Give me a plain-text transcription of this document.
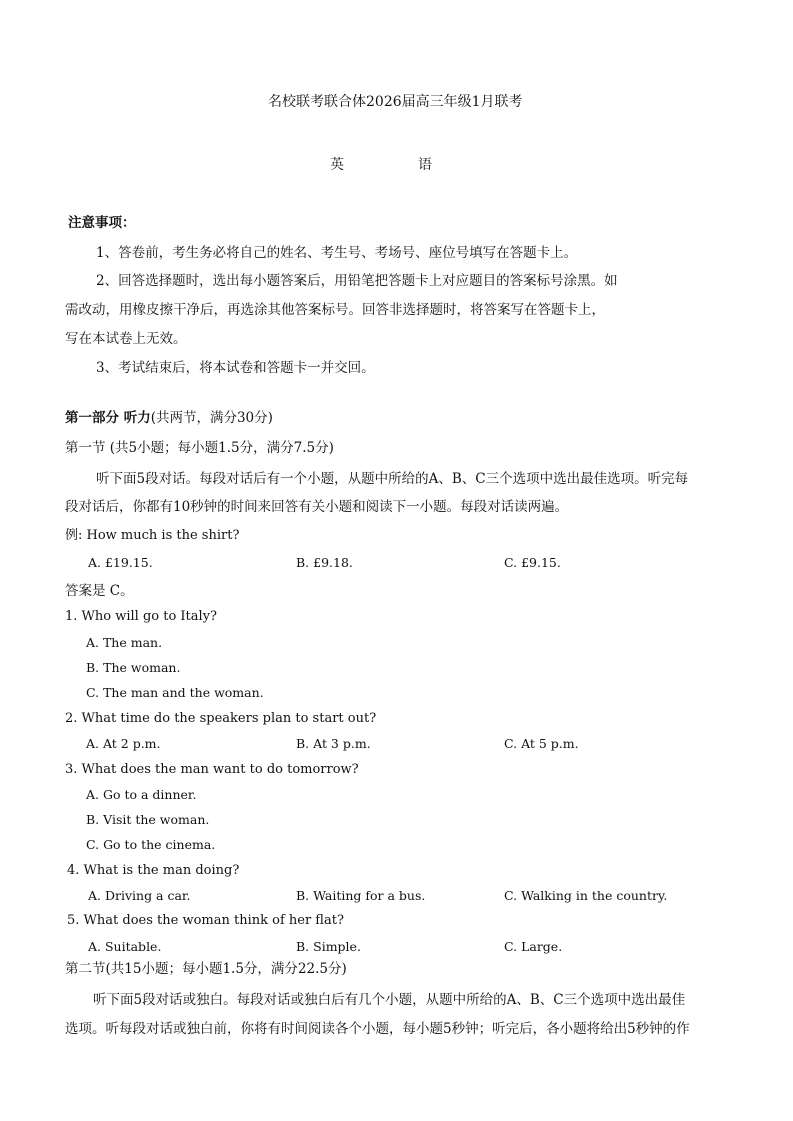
名校联考联合体2026届高三年级1月联考
英	语
注意事项：
1、答卷前，考生务必将自己的姓名、考生号、考场号、座位号填写在答题卡上。
2、回答选择题时，选出每小题答案后，用铅笔把答题卡上对应题目的答案标号涂黑。如
需改动，用橡皮擦干净后，再选涂其他答案标号。回答非选择题时，将答案写在答题卡上，
写在本试卷上无效。
3、考试结束后，将本试卷和答题卡一并交回。
第一部分 听力(共两节，满分30分)
第一节 (共5小题；每小题1.5分，满分7.5分)
听下面5段对话。每段对话后有一个小题，从题中所给的A、B、C三个选项中选出最佳选项。听完每
段对话后，你都有10秒钟的时间来回答有关小题和阅读下一小题。每段对话读两遍。
例: How much is the shirt?
A. £19.15.	B. £9.18.	C. £9.15.
答案是 C。
1. Who will go to Italy?
A. The man.
B. The woman.
C. The man and the woman.
2. What time do the speakers plan to start out?
A. At 2 p.m.	B. At 3 p.m.	C. At 5 p.m.
3. What does the man want to do tomorrow?
A. Go to a dinner.
B. Visit the woman.
C. Go to the cinema.
4. What is the man doing?
A. Driving a car.	B. Waiting for a bus.	C. Walking in the country.
5. What does the woman think of her flat?
A. Suitable.	B. Simple.	C. Large.
第二节(共15小题；每小题1.5分，满分22.5分)
听下面5段对话或独白。每段对话或独白后有几个小题，从题中所给的A、B、C三个选项中选出最佳
选项。听每段对话或独白前，你将有时间阅读各个小题，每小题5秒钟；听完后，各小题将给出5秒钟的作
